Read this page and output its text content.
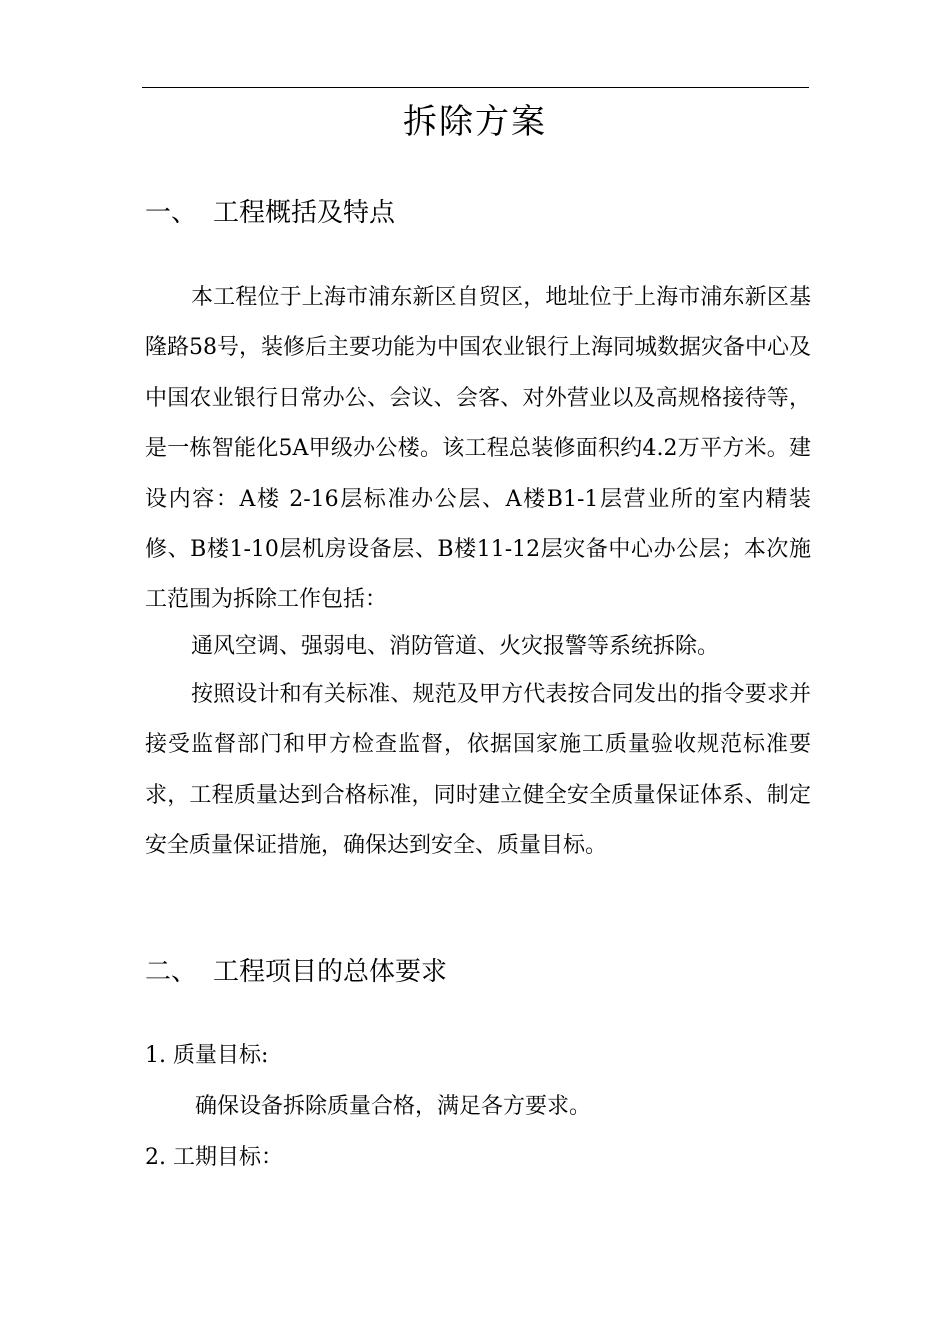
拆除方案
一、 工程概括及特点
本工程位于上海市浦东新区自贸区，地址位于上海市浦东新区基隆路58号，装修后主要功能为中国农业银行上海同城数据灾备中心及中国农业银行日常办公、会议、会客、对外营业以及高规格接待等，是一栋智能化5A甲级办公楼。该工程总装修面积约4.2万平方米。建设内容：A楼 2-16层标准办公层、A楼B1-1层营业所的室内精装修、B楼1-10层机房设备层、B楼11-12层灾备中心办公层；本次施工范围为拆除工作包括：
通风空调、强弱电、消防管道、火灾报警等系统拆除。
按照设计和有关标准、规范及甲方代表按合同发出的指令要求并接受监督部门和甲方检查监督，依据国家施工质量验收规范标准要求，工程质量达到合格标准，同时建立健全安全质量保证体系、制定安全质量保证措施，确保达到安全、质量目标。
二、 工程项目的总体要求
1. 质量目标:
确保设备拆除质量合格，满足各方要求。
2. 工期目标：
